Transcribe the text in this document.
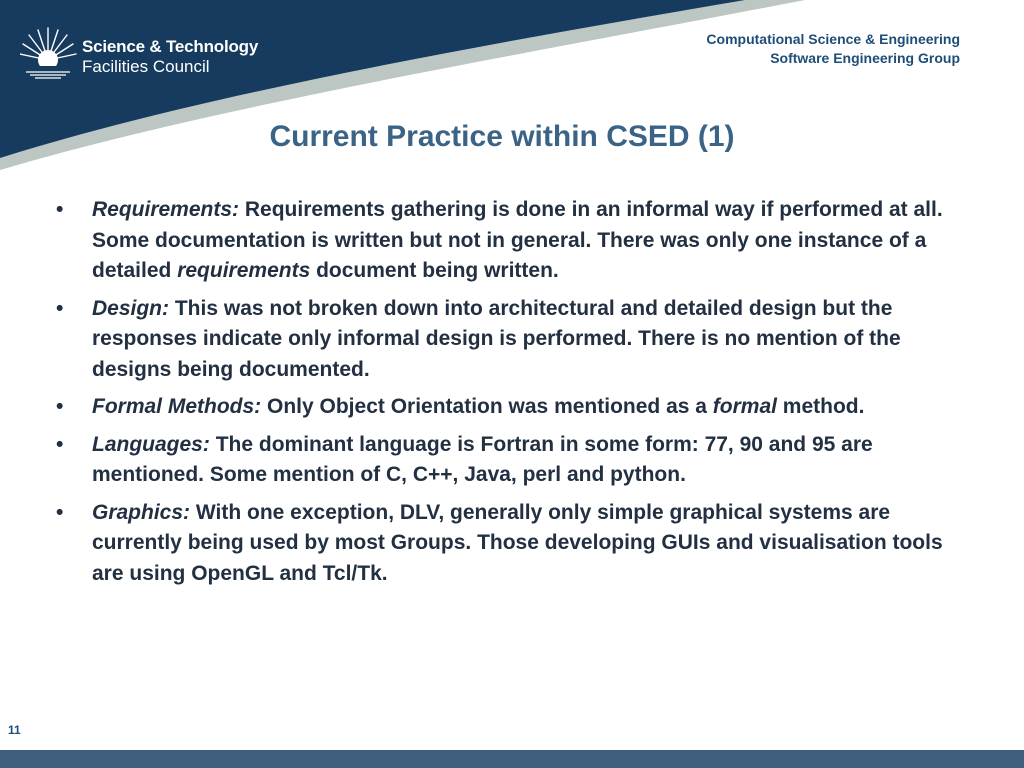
Science & Technology
Facilities Council
Computational Science & Engineering
Software Engineering Group
Current Practice within CSED (1)
• Requirements: Requirements gathering is done in an informal way if performed at all. Some documentation is written but not in general. There was only one instance of a detailed requirements document being written.
• Design: This was not broken down into architectural and detailed design but the responses indicate only informal design is performed. There is no mention of the designs being documented.
• Formal Methods: Only Object Orientation was mentioned as a formal method.
• Languages: The dominant language is Fortran in some form: 77, 90 and 95 are mentioned. Some mention of C, C++, Java, perl and python.
• Graphics: With one exception, DLV, generally only simple graphical systems are currently being used by most Groups. Those developing GUIs and visualisation tools are using OpenGL and Tcl/Tk.
11
